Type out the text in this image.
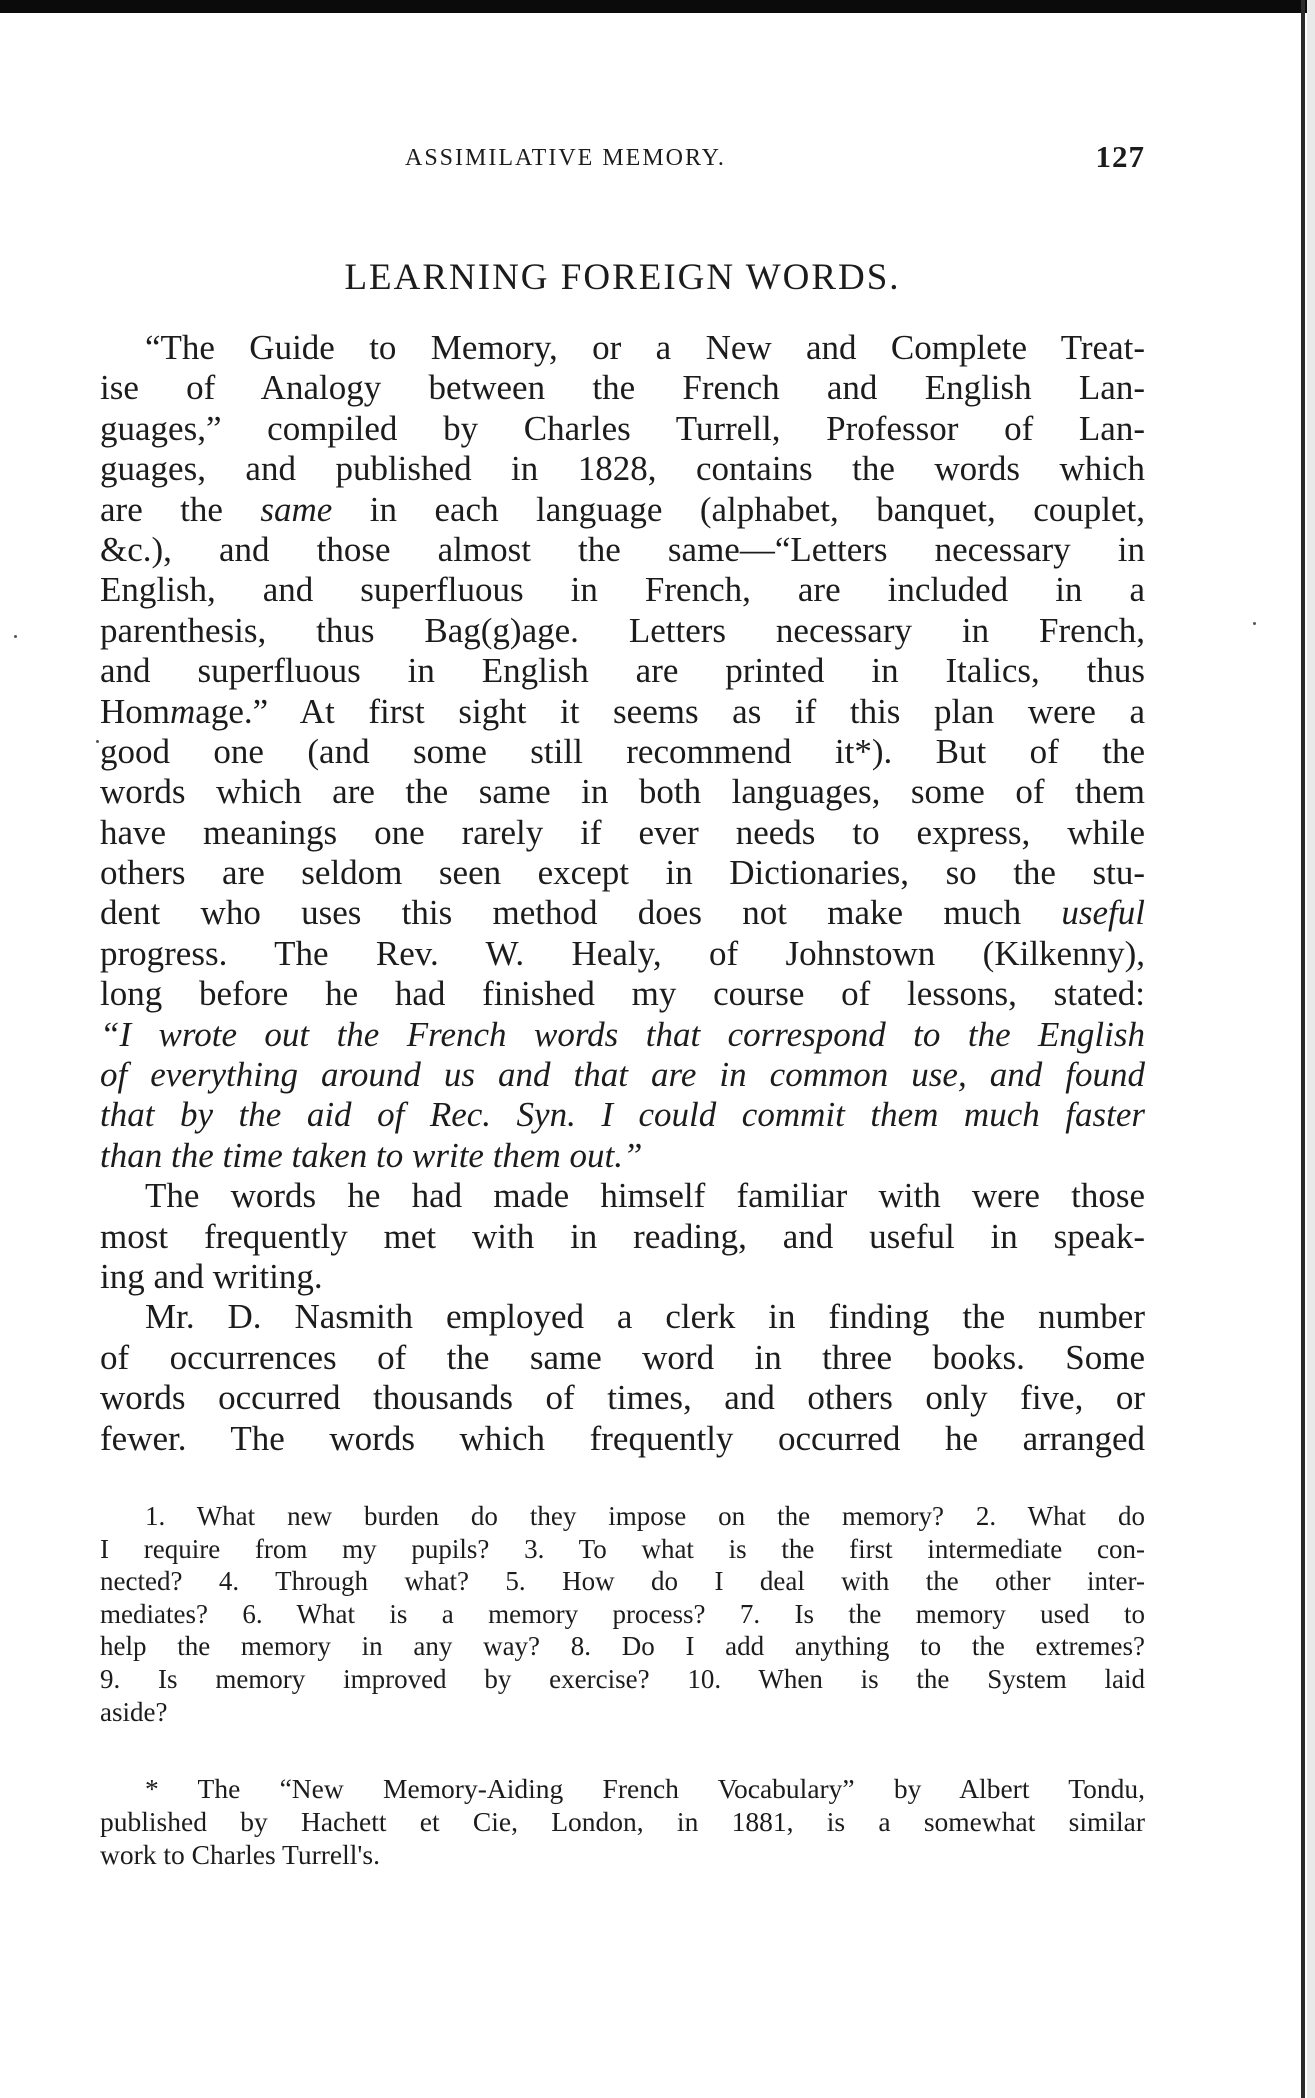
ASSIMILATIVE MEMORY.	127
LEARNING FOREIGN WORDS.
“The Guide to Memory, or a New and Complete Treat-
ise of Analogy between the French and English Lan-
guages,” compiled by Charles Turrell, Professor of Lan-
guages, and published in 1828, contains the words which
are the same in each language (alphabet, banquet, couplet,
&c.), and those almost the same—“Letters necessary in
English, and superfluous in French, are included in a
parenthesis, thus Bag(g)age. Letters necessary in French,
and superfluous in English are printed in Italics, thus
Hommage.” At first sight it seems as if this plan were a
good one (and some still recommend it*). But of the
words which are the same in both languages, some of them
have meanings one rarely if ever needs to express, while
others are seldom seen except in Dictionaries, so the stu-
dent who uses this method does not make much useful
progress. The Rev. W. Healy, of Johnstown (Kilkenny),
long before he had finished my course of lessons, stated:
“I wrote out the French words that correspond to the English
of everything around us and that are in common use, and found
that by the aid of Rec. Syn. I could commit them much faster
than the time taken to write them out.”
The words he had made himself familiar with were those
most frequently met with in reading, and useful in speak-
ing and writing.
Mr. D. Nasmith employed a clerk in finding the number
of occurrences of the same word in three books. Some
words occurred thousands of times, and others only five, or
fewer. The words which frequently occurred he arranged
1. What new burden do they impose on the memory? 2. What do
I require from my pupils? 3. To what is the first intermediate con-
nected? 4. Through what? 5. How do I deal with the other inter-
mediates? 6. What is a memory process? 7. Is the memory used to
help the memory in any way? 8. Do I add anything to the extremes?
9. Is memory improved by exercise? 10. When is the System laid
aside?
* The “New Memory-Aiding French Vocabulary” by Albert Tondu,
published by Hachett et Cie, London, in 1881, is a somewhat similar
work to Charles Turrell's.
